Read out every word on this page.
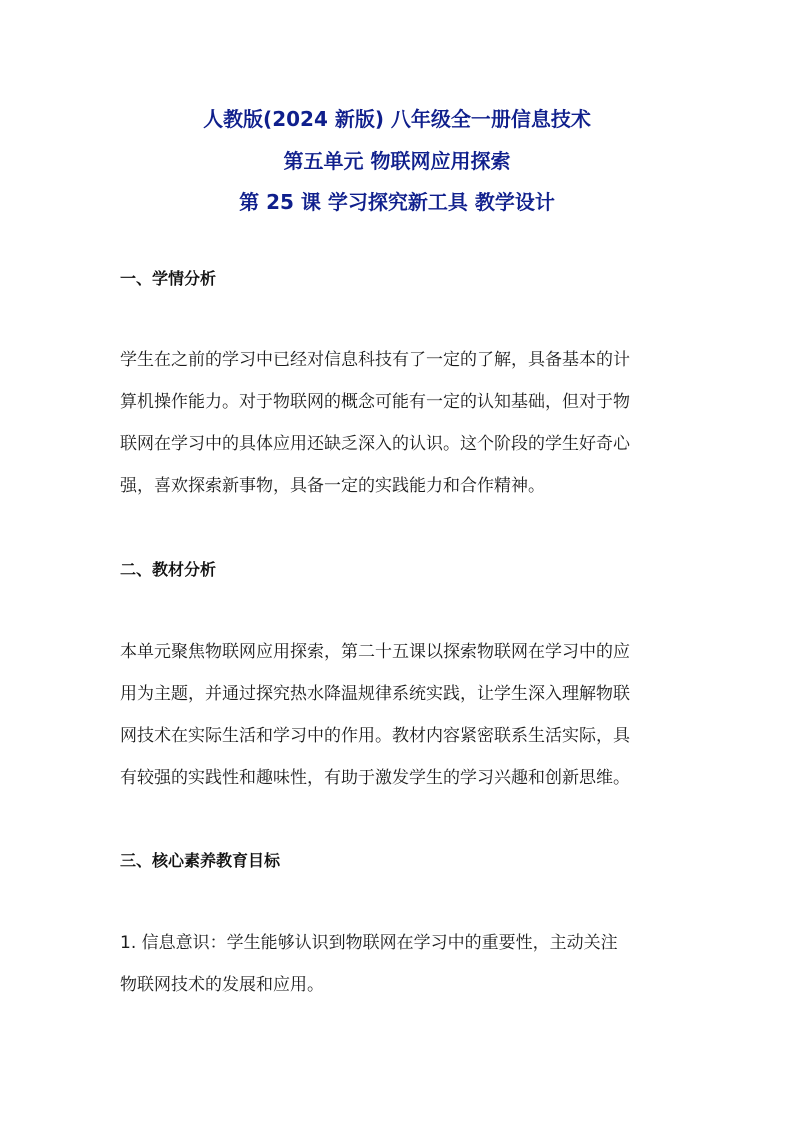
人教版(2024 新版) 八年级全一册信息技术
第五单元 物联网应用探索
第 25 课 学习探究新工具 教学设计
一、学情分析
学生在之前的学习中已经对信息科技有了一定的了解，具备基本的计
算机操作能力。对于物联网的概念可能有一定的认知基础，但对于物
联网在学习中的具体应用还缺乏深入的认识。这个阶段的学生好奇心
强，喜欢探索新事物，具备一定的实践能力和合作精神。
二、教材分析
本单元聚焦物联网应用探索，第二十五课以探索物联网在学习中的应
用为主题，并通过探究热水降温规律系统实践，让学生深入理解物联
网技术在实际生活和学习中的作用。教材内容紧密联系生活实际，具
有较强的实践性和趣味性，有助于激发学生的学习兴趣和创新思维。
三、核心素养教育目标
1. 信息意识：学生能够认识到物联网在学习中的重要性，主动关注
物联网技术的发展和应用。
